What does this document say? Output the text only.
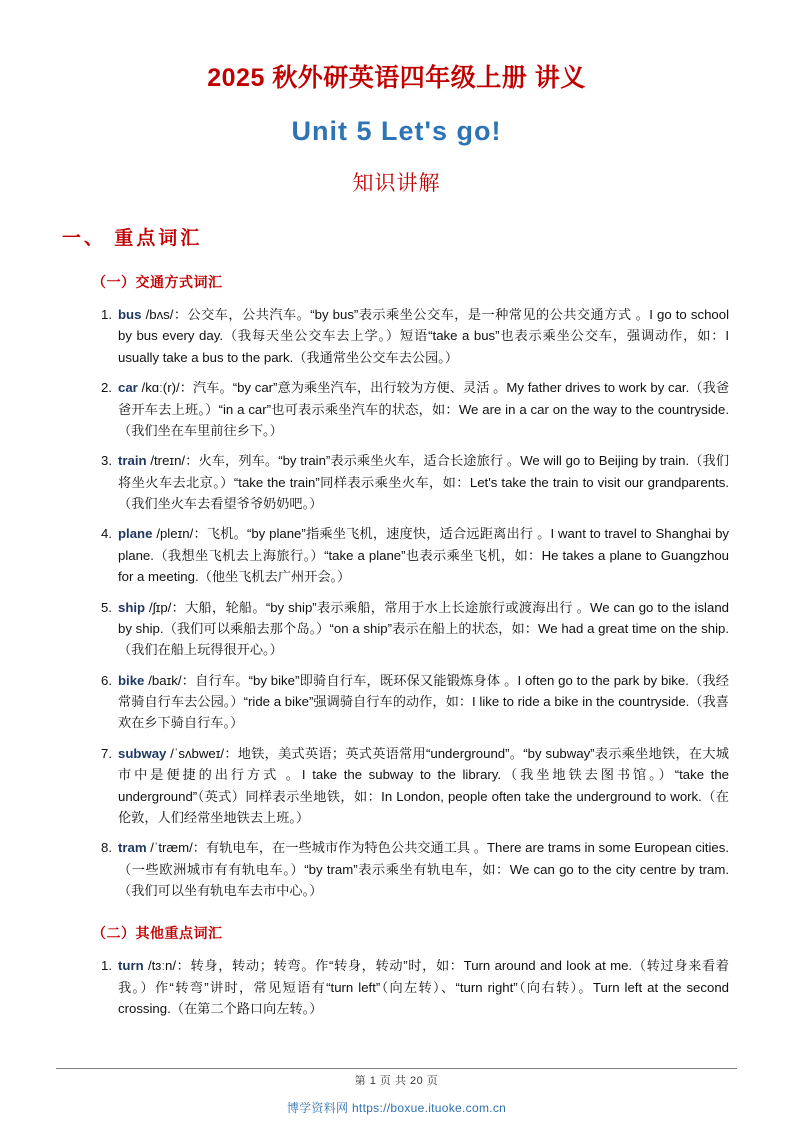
2025 秋外研英语四年级上册 讲义
Unit 5 Let's go!
知识讲解
一、 重点词汇
（一）交通方式词汇
1. bus /bʌs/：公交车，公共汽车。“by bus”表示乘坐公交车，是一种常见的公共交通方式 。I go to school by bus every day.（我每天坐公交车去上学。）短语“take a bus”也表示乘坐公交车，强调动作，如：I usually take a bus to the park.（我通常坐公交车去公园。）
2. car /kɑː(r)/：汽车。“by car”意为乘坐汽车，出行较为方便、灵活 。My father drives to work by car.（我爸爸开车去上班。）“in a car”也可表示乘坐汽车的状态，如：We are in a car on the way to the countryside.（我们坐在车里前往乡下。）
3. train /treɪn/：火车，列车。“by train”表示乘坐火车，适合长途旅行 。We will go to Beijing by train.（我们将坐火车去北京。）“take the train”同样表示乘坐火车，如：Let's take the train to visit our grandparents.（我们坐火车去看望爷爷奶奶吧。）
4. plane /pleɪn/：飞机。“by plane”指乘坐飞机，速度快，适合远距离出行 。I want to travel to Shanghai by plane.（我想坐飞机去上海旅行。）“take a plane”也表示乘坐飞机，如：He takes a plane to Guangzhou for a meeting.（他坐飞机去广州开会。）
5. ship /ʃɪp/：大船，轮船。“by ship”表示乘船，常用于水上长途旅行或渡海出行 。We can go to the island by ship.（我们可以乘船去那个岛。）“on a ship”表示在船上的状态，如：We had a great time on the ship.（我们在船上玩得很开心。）
6. bike /baɪk/：自行车。“by bike”即骑自行车，既环保又能锻炼身体 。I often go to the park by bike.（我经常骑自行车去公园。）“ride a bike”强调骑自行车的动作，如：I like to ride a bike in the countryside.（我喜欢在乡下骑自行车。）
7. subway /ˈsʌbweɪ/：地铁，美式英语；英式英语常用“underground”。“by subway”表示乘坐地铁，在大城市中是便捷的出行方式 。I take the subway to the library.（我坐地铁去图书馆。）“take the underground”（英式）同样表示坐地铁，如：In London, people often take the underground to work.（在伦敦，人们经常坐地铁去上班。）
8. tram /ˈtræm/：有轨电车，在一些城市作为特色公共交通工具 。There are trams in some European cities.（一些欧洲城市有有轨电车。）“by tram”表示乘坐有轨电车，如：We can go to the city centre by tram.（我们可以坐有轨电车去市中心。）
（二）其他重点词汇
1. turn /tɜːn/：转身，转动；转弯。作“转身，转动”时，如：Turn around and look at me.（转过身来看着我。）作“转弯”讲时，常见短语有“turn left”（向左转）、“turn right”（向右转）。Turn left at the second crossing.（在第二个路口向左转。）
第 1 页 共 20 页
博学资料网 https://boxue.ituoke.com.cn
